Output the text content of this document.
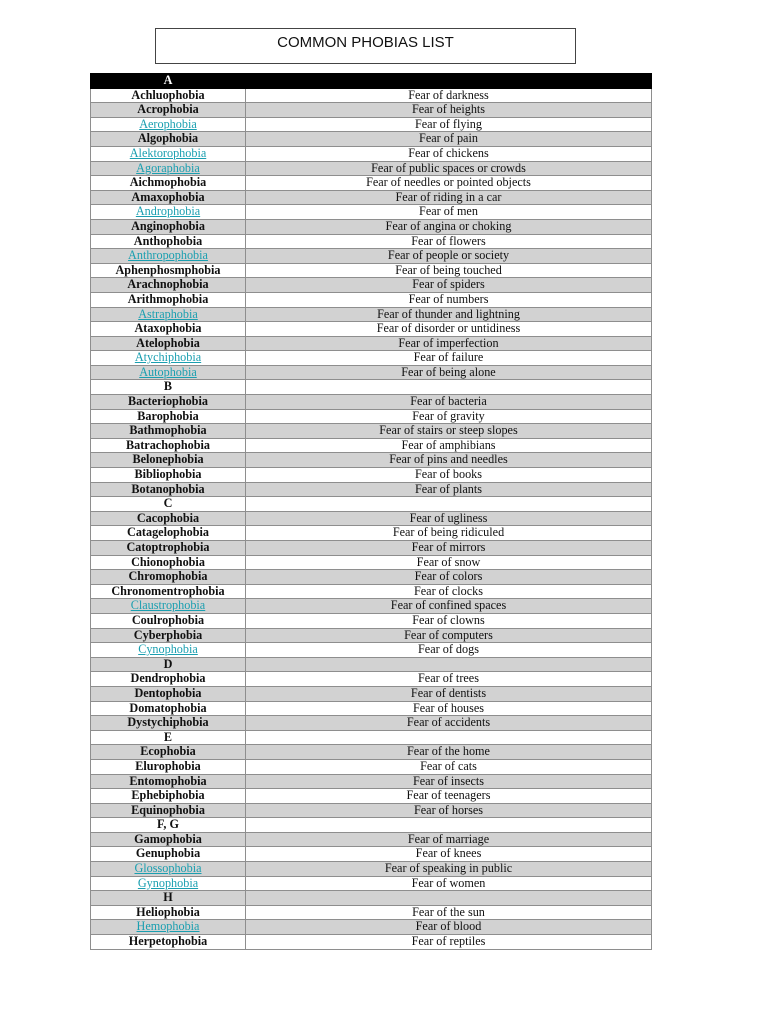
COMMON PHOBIAS LIST
A	
Achluophobia	Fear of darkness
Acrophobia	Fear of heights
Aerophobia	Fear of flying
Algophobia	Fear of pain
Alektorophobia	Fear of chickens
Agoraphobia	Fear of public spaces or crowds
Aichmophobia	Fear of needles or pointed objects
Amaxophobia	Fear of riding in a car
Androphobia	Fear of men
Anginophobia	Fear of angina or choking
Anthophobia	Fear of flowers
Anthropophobia	Fear of people or society
Aphenphosmphobia	Fear of being touched
Arachnophobia	Fear of spiders
Arithmophobia	Fear of numbers
Astraphobia	Fear of thunder and lightning
Ataxophobia	Fear of disorder or untidiness
Atelophobia	Fear of imperfection
Atychiphobia	Fear of failure
Autophobia	Fear of being alone
B	
Bacteriophobia	Fear of bacteria
Barophobia	Fear of gravity
Bathmophobia	Fear of stairs or steep slopes
Batrachophobia	Fear of amphibians
Belonephobia	Fear of pins and needles
Bibliophobia	Fear of books
Botanophobia	Fear of plants
C	
Cacophobia	Fear of ugliness
Catagelophobia	Fear of being ridiculed
Catoptrophobia	Fear of mirrors
Chionophobia	Fear of snow
Chromophobia	Fear of colors
Chronomentrophobia	Fear of clocks
Claustrophobia	Fear of confined spaces
Coulrophobia	Fear of clowns
Cyberphobia	Fear of computers
Cynophobia	Fear of dogs
D	
Dendrophobia	Fear of trees
Dentophobia	Fear of dentists
Domatophobia	Fear of houses
Dystychiphobia	Fear of accidents
E	
Ecophobia	Fear of the home
Elurophobia	Fear of cats
Entomophobia	Fear of insects
Ephebiphobia	Fear of teenagers
Equinophobia	Fear of horses
F, G	
Gamophobia	Fear of marriage
Genuphobia	Fear of knees
Glossophobia	Fear of speaking in public
Gynophobia	Fear of women
H	
Heliophobia	Fear of the sun
Hemophobia	Fear of blood
Herpetophobia	Fear of reptiles
